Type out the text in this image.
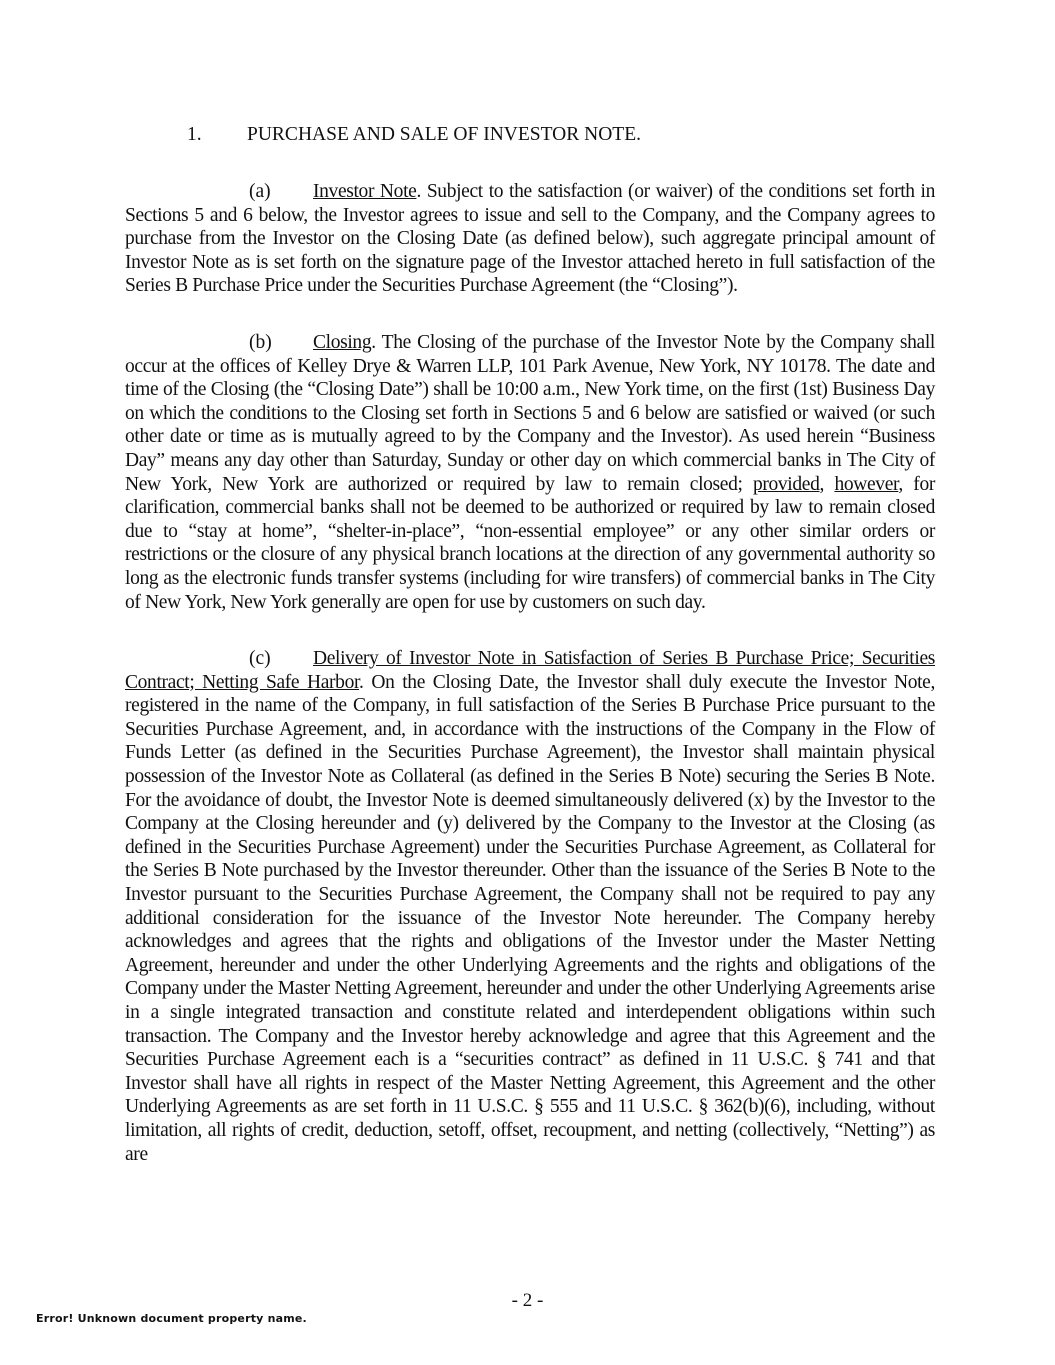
1. PURCHASE AND SALE OF INVESTOR NOTE.

(a) Investor Note. Subject to the satisfaction (or waiver) of the conditions set forth in Sections 5 and 6 below, the Investor agrees to issue and sell to the Company, and the Company agrees to purchase from the Investor on the Closing Date (as defined below), such aggregate principal amount of Investor Note as is set forth on the signature page of the Investor attached hereto in full satisfaction of the Series B Purchase Price under the Securities Purchase Agreement (the “Closing”).

(b) Closing. The Closing of the purchase of the Investor Note by the Company shall occur at the offices of Kelley Drye & Warren LLP, 101 Park Avenue, New York, NY 10178. The date and time of the Closing (the “Closing Date”) shall be 10:00 a.m., New York time, on the first (1st) Business Day on which the conditions to the Closing set forth in Sections 5 and 6 below are satisfied or waived (or such other date or time as is mutually agreed to by the Company and the Investor). As used herein “Business Day” means any day other than Saturday, Sunday or other day on which commercial banks in The City of New York, New York are authorized or required by law to remain closed; provided, however, for clarification, commercial banks shall not be deemed to be authorized or required by law to remain closed due to “stay at home”, “shelter-in-place”, “non-essential employee” or any other similar orders or restrictions or the closure of any physical branch locations at the direction of any governmental authority so long as the electronic funds transfer systems (including for wire transfers) of commercial banks in The City of New York, New York generally are open for use by customers on such day.

(c) Delivery of Investor Note in Satisfaction of Series B Purchase Price; Securities Contract; Netting Safe Harbor. On the Closing Date, the Investor shall duly execute the Investor Note, registered in the name of the Company, in full satisfaction of the Series B Purchase Price pursuant to the Securities Purchase Agreement, and, in accordance with the instructions of the Company in the Flow of Funds Letter (as defined in the Securities Purchase Agreement), the Investor shall maintain physical possession of the Investor Note as Collateral (as defined in the Series B Note) securing the Series B Note. For the avoidance of doubt, the Investor Note is deemed simultaneously delivered (x) by the Investor to the Company at the Closing hereunder and (y) delivered by the Company to the Investor at the Closing (as defined in the Securities Purchase Agreement) under the Securities Purchase Agreement, as Collateral for the Series B Note purchased by the Investor thereunder. Other than the issuance of the Series B Note to the Investor pursuant to the Securities Purchase Agreement, the Company shall not be required to pay any additional consideration for the issuance of the Investor Note hereunder. The Company hereby acknowledges and agrees that the rights and obligations of the Investor under the Master Netting Agreement, hereunder and under the other Underlying Agreements and the rights and obligations of the Company under the Master Netting Agreement, hereunder and under the other Underlying Agreements arise in a single integrated transaction and constitute related and interdependent obligations within such transaction. The Company and the Investor hereby acknowledge and agree that this Agreement and the Securities Purchase Agreement each is a “securities contract” as defined in 11 U.S.C. § 741 and that Investor shall have all rights in respect of the Master Netting Agreement, this Agreement and the other Underlying Agreements as are set forth in 11 U.S.C. § 555 and 11 U.S.C. § 362(b)(6), including, without limitation, all rights of credit, deduction, setoff, offset, recoupment, and netting (collectively, “Netting”) as are

- 2 -
Error! Unknown document property name.
